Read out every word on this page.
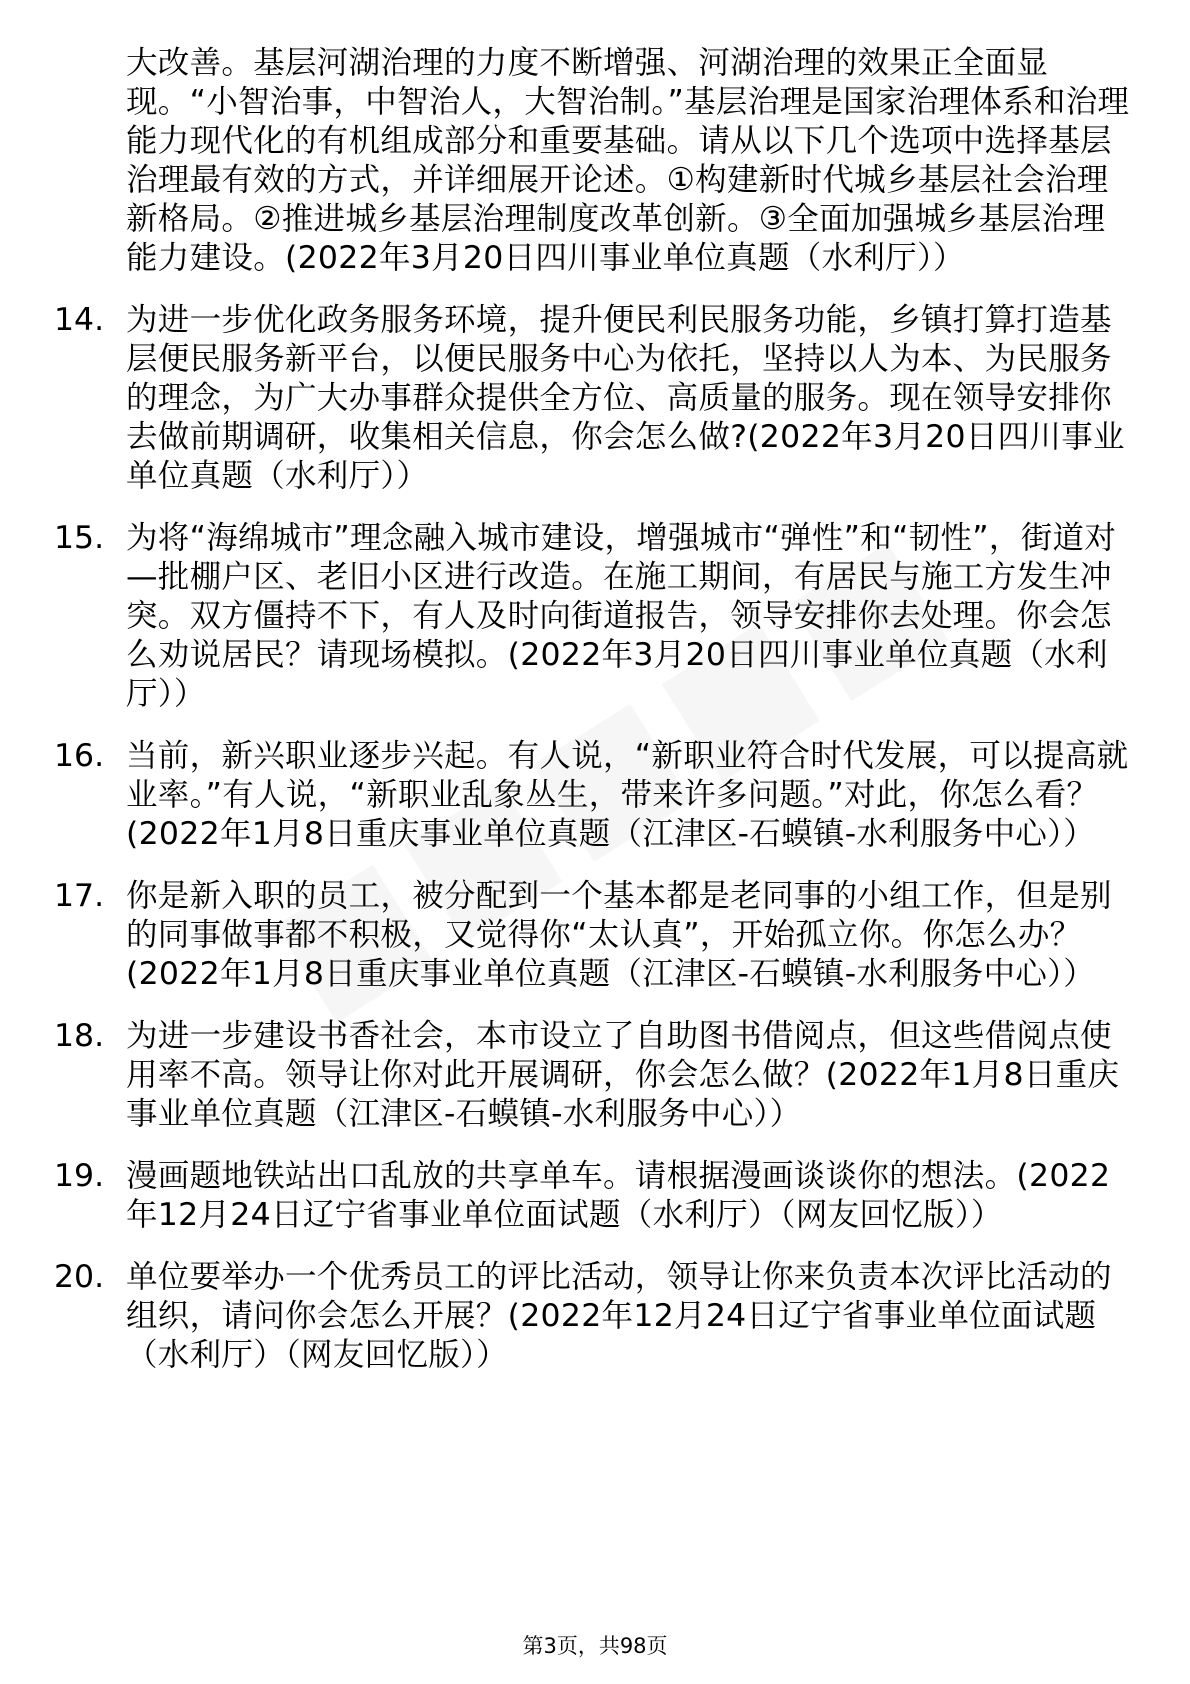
大改善。基层河湖治理的力度不断增强、河湖治理的效果正全面显现。“小智治事，中智治人，大智治制。”基层治理是国家治理体系和治理能力现代化的有机组成部分和重要基础。请从以下几个选项中选择基层治理最有效的方式，并详细展开论述。①构建新时代城乡基层社会治理新格局。②推进城乡基层治理制度改革创新。③全面加强城乡基层治理能力建设。(2022年3月20日四川事业单位真题（水利厅））

14. 为进一步优化政务服务环境，提升便民利民服务功能，乡镇打算打造基层便民服务新平台，以便民服务中心为依托，坚持以人为本、为民服务的理念，为广大办事群众提供全方位、高质量的服务。现在领导安排你去做前期调研，收集相关信息，你会怎么做?(2022年3月20日四川事业单位真题（水利厅））
15. 为将“海绵城市”理念融入城市建设，增强城市“弹性”和“韧性”，街道对—批棚户区、老旧小区进行改造。在施工期间，有居民与施工方发生冲突。双方僵持不下，有人及时向街道报告，领导安排你去处理。你会怎么劝说居民？请现场模拟。(2022年3月20日四川事业单位真题（水利厅））
16. 当前，新兴职业逐步兴起。有人说，“新职业符合时代发展，可以提高就业率。”有人说，“新职业乱象丛生，带来许多问题。”对此，你怎么看？(2022年1月8日重庆事业单位真题（江津区-石蟆镇-水利服务中心））
17. 你是新入职的员工，被分配到一个基本都是老同事的小组工作，但是别的同事做事都不积极，又觉得你“太认真”，开始孤立你。你怎么办？(2022年1月8日重庆事业单位真题（江津区-石蟆镇-水利服务中心））
18. 为进一步建设书香社会，本市设立了自助图书借阅点，但这些借阅点使用率不高。领导让你对此开展调研，你会怎么做？(2022年1月8日重庆事业单位真题（江津区-石蟆镇-水利服务中心））
19. 漫画题地铁站出口乱放的共享单车。请根据漫画谈谈你的想法。(2022年12月24日辽宁省事业单位面试题（水利厅）（网友回忆版））
20. 单位要举办一个优秀员工的评比活动，领导让你来负责本次评比活动的组织，请问你会怎么开展？(2022年12月24日辽宁省事业单位面试题（水利厅）（网友回忆版））
第3页，共98页
